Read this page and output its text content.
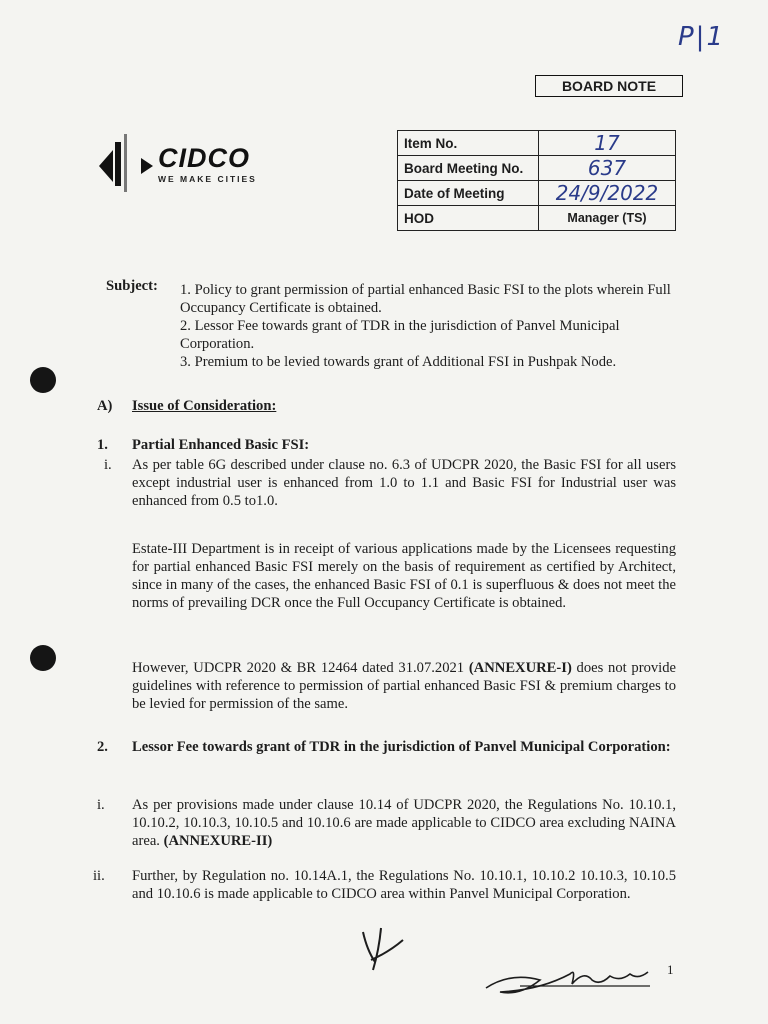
P|1
BOARD NOTE
CIDCO
WE MAKE CITIES
Item No.	17
Board Meeting No.	637
Date of Meeting	24/9/2022
HOD	Manager (TS)
Subject: 1. Policy to grant permission of partial enhanced Basic FSI to the plots wherein Full Occupancy Certificate is obtained.

2. Lessor Fee towards grant of TDR in the jurisdiction of Panvel Municipal Corporation.

3. Premium to be levied towards grant of Additional FSI in Pushpak Node.

A) Issue of Consideration:
1. Partial Enhanced Basic FSI:
i. As per table 6G described under clause no. 6.3 of UDCPR 2020, the Basic FSI for all users except industrial user is enhanced from 1.0 to 1.1 and Basic FSI for Industrial user was enhanced from 0.5 to1.0.
Estate-III Department is in receipt of various applications made by the Licensees requesting for partial enhanced Basic FSI merely on the basis of requirement as certified by Architect, since in many of the cases, the enhanced Basic FSI of 0.1 is superfluous & does not meet the norms of prevailing DCR once the Full Occupancy Certificate is obtained.
However, UDCPR 2020 & BR 12464 dated 31.07.2021 (ANNEXURE-I) does not provide guidelines with reference to permission of partial enhanced Basic FSI & premium charges to be levied for permission of the same.
2. Lessor Fee towards grant of TDR in the jurisdiction of Panvel Municipal Corporation:
i. As per provisions made under clause 10.14 of UDCPR 2020, the Regulations No. 10.10.1, 10.10.2, 10.10.3, 10.10.5 and 10.10.6 are made applicable to CIDCO area excluding NAINA area. (ANNEXURE-II)
ii. Further, by Regulation no. 10.14A.1, the Regulations No. 10.10.1, 10.10.2 10.10.3, 10.10.5 and 10.10.6 is made applicable to CIDCO area within Panvel Municipal Corporation.
1
